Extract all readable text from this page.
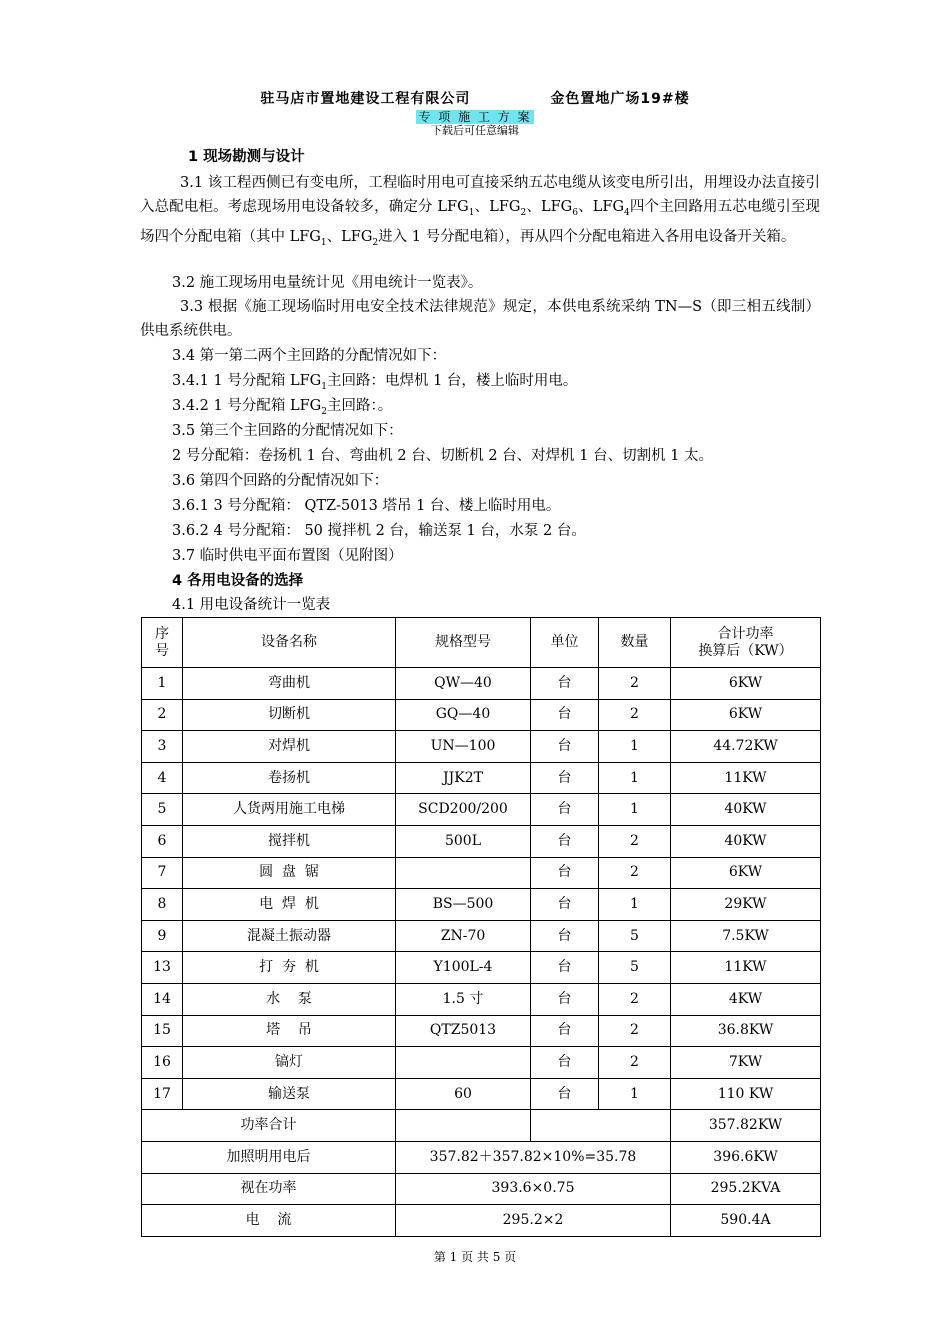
驻马店市置地建设工程有限公司	金色置地广场19#楼
专 项 施 工 方 案
下载后可任意编辑
1 现场勘测与设计
3.1 该工程西侧已有变电所，工程临时用电可直接采纳五芯电缆从该变电所引出，用埋设办法直接引入总配电柜。考虑现场用电设备较多，确定分 $LFG_1$、$LFG_2$、$LFG_6$、$LFG_4$四个主回路用五芯电缆引至现场四个分配电箱（其中 $LFG_1$、$LFG_2$进入 1 号分配电箱），再从四个分配电箱进入各用电设备开关箱。
3.2 施工现场用电量统计见《用电统计一览表》。
3.3 根据《施工现场临时用电安全技术法律规范》规定，本供电系统采纳 TN—S（即三相五线制）供电系统供电。
3.4 第一第二两个主回路的分配情况如下：
3.4.1 1 号分配箱 $LFG_1$主回路：电焊机 1 台，楼上临时用电。
3.4.2 1 号分配箱 $LFG_2$主回路：。
3.5 第三个主回路的分配情况如下：
2 号分配箱：卷扬机 1 台、弯曲机 2 台、切断机 2 台、对焊机 1 台、切割机 1 太。
3.6 第四个回路的分配情况如下：
3.6.1 3 号分配箱： QTZ-5013 塔吊 1 台、楼上临时用电。
3.6.2 4 号分配箱： 50 搅拌机 2 台，输送泵 1 台，水泵 2 台。
3.7 临时供电平面布置图（见附图）
4 各用电设备的选择
4.1 用电设备统计一览表
序
号	设备名称	规格型号	单位	数量	合计功率
换算后（KW）
1	弯曲机	QW—40	台	2	6KW
2	切断机	GQ—40	台	2	6KW
3	对焊机	UN—100	台	1	44.72KW
4	卷扬机	JJK2T	台	1	11KW
5	人货两用施工电梯	SCD200/200	台	1	40KW
6	搅拌机	500L	台	2	40KW
7	圆  盘  锯		台	2	6KW
8	电  焊  机	BS—500	台	1	29KW
9	混凝土振动器	ZN-70	台	5	7.5KW
13	打  夯  机	Y100L-4	台	5	11KW
14	水    泵	1.5 寸	台	2	4KW
15	塔    吊	QTZ5013	台	2	36.8KW
16	镐灯		台	2	7KW
17	输送泵	60	台	1	110 KW
功率合计					357.82KW
加照明用电后		357.82＋357.82×10%=35.78			396.6KW
视在功率		393.6×0.75			295.2KVA
电    流		295.2×2			590.4A
第 1 页 共 5 页
